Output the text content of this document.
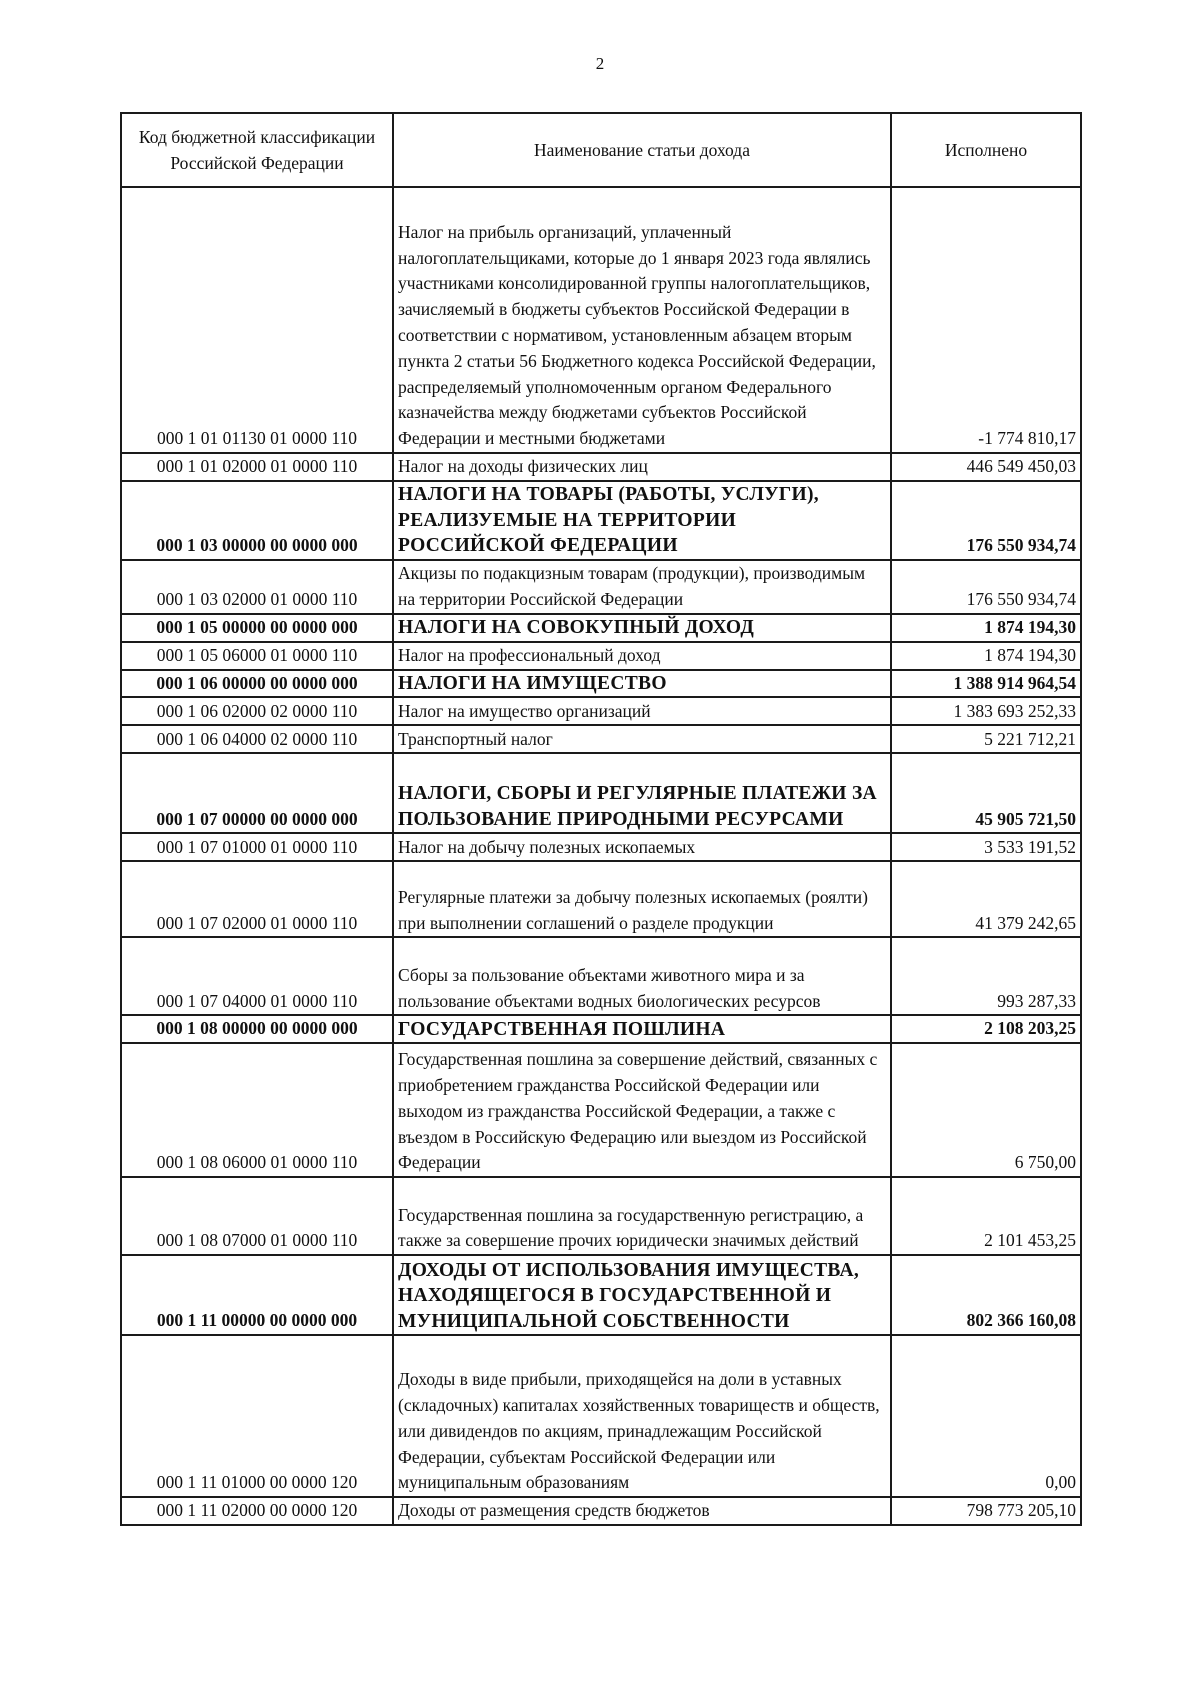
2
Код бюджетной классификации Российской Федерации	Наименование статьи дохода	Исполнено
000 1 01 01130 01 0000 110	Налог на прибыль организаций, уплаченный налогоплательщиками, которые до 1 января 2023 года являлись участниками консолидированной группы налогоплательщиков, зачисляемый в бюджеты субъектов Российской Федерации в соответствии с нормативом, установленным абзацем вторым пункта 2 статьи 56 Бюджетного кодекса Российской Федерации, распределяемый уполномоченным органом Федерального казначейства между бюджетами субъектов Российской Федерации и местными бюджетами	-1 774 810,17
000 1 01 02000 01 0000 110	Налог на доходы физических лиц	446 549 450,03
000 1 03 00000 00 0000 000	НАЛОГИ НА ТОВАРЫ (РАБОТЫ, УСЛУГИ), РЕАЛИЗУЕМЫЕ НА ТЕРРИТОРИИ РОССИЙСКОЙ ФЕДЕРАЦИИ	176 550 934,74
000 1 03 02000 01 0000 110	Акцизы по подакцизным товарам (продукции), производимым на территории Российской Федерации	176 550 934,74
000 1 05 00000 00 0000 000	НАЛОГИ НА СОВОКУПНЫЙ ДОХОД	1 874 194,30
000 1 05 06000 01 0000 110	Налог на профессиональный доход	1 874 194,30
000 1 06 00000 00 0000 000	НАЛОГИ НА ИМУЩЕСТВО	1 388 914 964,54
000 1 06 02000 02 0000 110	Налог на имущество организаций	1 383 693 252,33
000 1 06 04000 02 0000 110	Транспортный налог	5 221 712,21
000 1 07 00000 00 0000 000	НАЛОГИ, СБОРЫ И РЕГУЛЯРНЫЕ ПЛАТЕЖИ ЗА ПОЛЬЗОВАНИЕ ПРИРОДНЫМИ РЕСУРСАМИ	45 905 721,50
000 1 07 01000 01 0000 110	Налог на добычу полезных ископаемых	3 533 191,52
000 1 07 02000 01 0000 110	Регулярные платежи за добычу полезных ископаемых (роялти) при выполнении соглашений о разделе продукции	41 379 242,65
000 1 07 04000 01 0000 110	Сборы за пользование объектами животного мира и за пользование объектами водных биологических ресурсов	993 287,33
000 1 08 00000 00 0000 000	ГОСУДАРСТВЕННАЯ ПОШЛИНА	2 108 203,25
000 1 08 06000 01 0000 110	Государственная пошлина за совершение действий, связанных с приобретением гражданства Российской Федерации или выходом из гражданства Российской Федерации, а также с въездом в Российскую Федерацию или выездом из Российской Федерации	6 750,00
000 1 08 07000 01 0000 110	Государственная пошлина за государственную регистрацию, а также за совершение прочих юридически значимых действий	2 101 453,25
000 1 11 00000 00 0000 000	ДОХОДЫ ОТ ИСПОЛЬЗОВАНИЯ ИМУЩЕСТВА, НАХОДЯЩЕГОСЯ В ГОСУДАРСТВЕННОЙ И МУНИЦИПАЛЬНОЙ СОБСТВЕННОСТИ	802 366 160,08
000 1 11 01000 00 0000 120	Доходы в виде прибыли, приходящейся на доли в уставных (складочных) капиталах хозяйственных товариществ и обществ, или дивидендов по акциям, принадлежащим Российской Федерации, субъектам Российской Федерации или муниципальным образованиям	0,00
000 1 11 02000 00 0000 120	Доходы от размещения средств бюджетов	798 773 205,10
